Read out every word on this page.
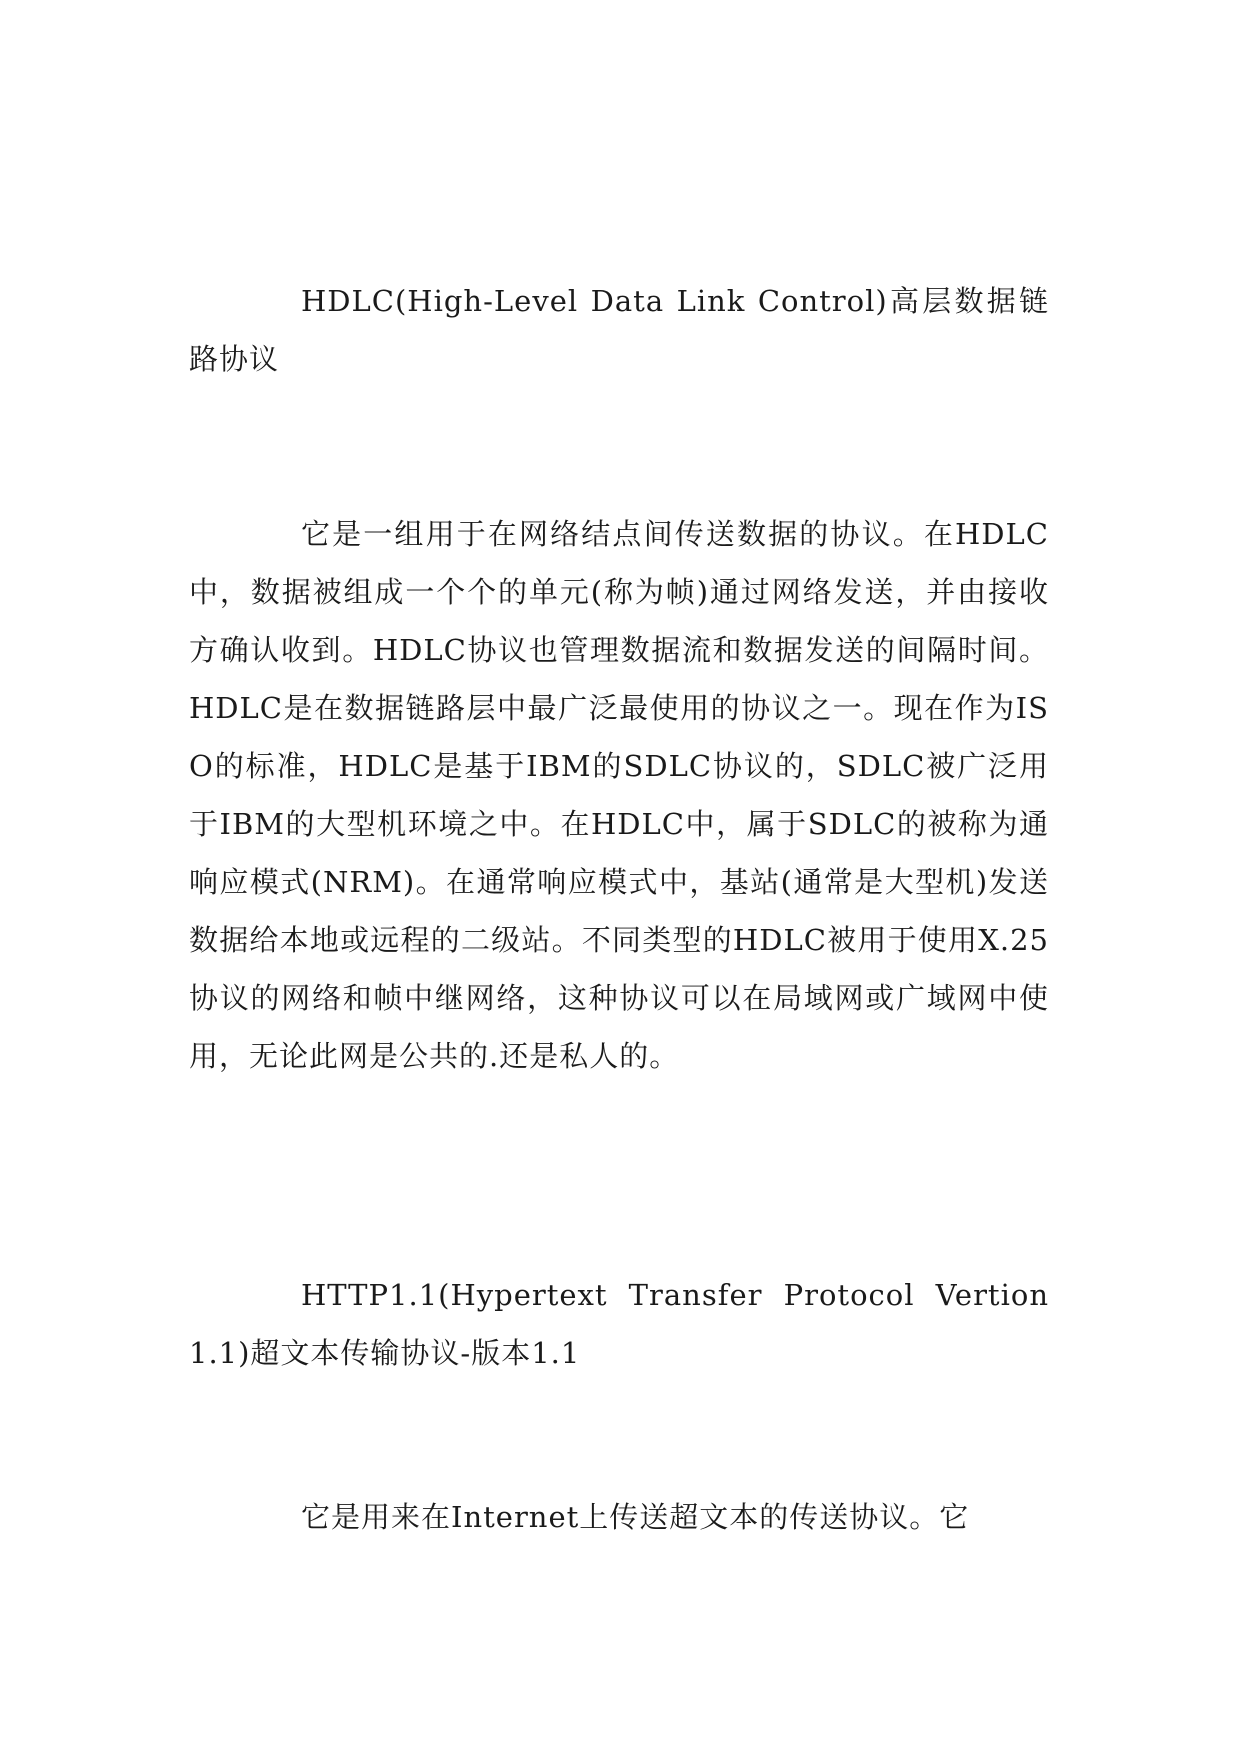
HDLC(High-Level Data Link Control)高层数据链路协议

它是一组用于在网络结点间传送数据的协议。在HDLC中，数据被组成一个个的单元(称为帧)通过网络发送，并由接收方确认收到。HDLC协议也管理数据流和数据发送的间隔时间。HDLC是在数据链路层中最广泛最使用的协议之一。现在作为ISO的标准，HDLC是基于IBM的SDLC协议的，SDLC被广泛用于IBM的大型机环境之中。在HDLC中，属于SDLC的被称为通响应模式(NRM)。在通常响应模式中，基站(通常是大型机)发送数据给本地或远程的二级站。不同类型的HDLC被用于使用X.25协议的网络和帧中继网络，这种协议可以在局域网或广域网中使用，无论此网是公共的.还是私人的。

HTTP1.1(Hypertext Transfer Protocol Vertion 1.1)超文本传输协议-版本1.1

它是用来在Internet上传送超文本的传送协议。它
